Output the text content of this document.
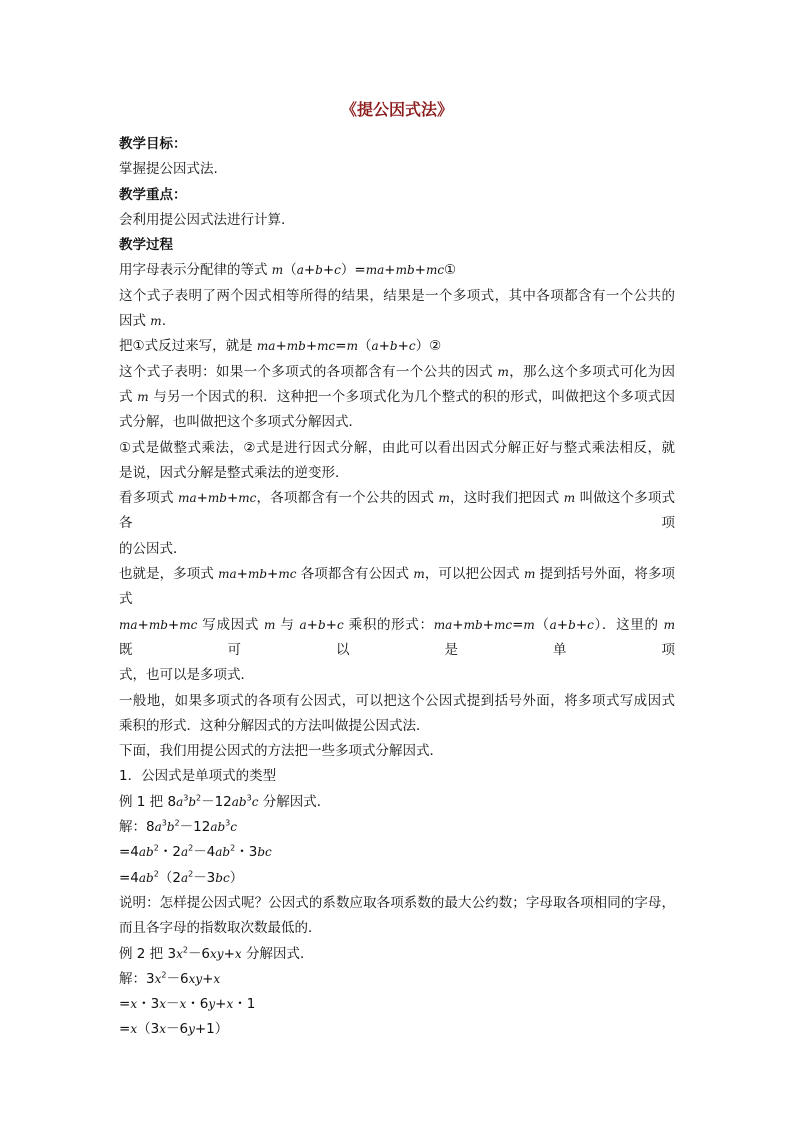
《提公因式法》
教学目标：
掌握提公因式法.
教学重点：
会利用提公因式法进行计算.
教学过程
用字母表示分配律的等式 m（a+b+c）=ma+mb+mc①
这个式子表明了两个因式相等所得的结果，结果是一个多项式，其中各项都含有一个公共的
因式 m.
把①式反过来写，就是 ma+mb+mc=m（a+b+c）②
这个式子表明：如果一个多项式的各项都含有一个公共的因式 m，那么这个多项式可化为因
式 m 与另一个因式的积．这种把一个多项式化为几个整式的积的形式，叫做把这个多项式因
式分解，也叫做把这个多项式分解因式．
①式是做整式乘法，②式是进行因式分解，由此可以看出因式分解正好与整式乘法相反，就
是说，因式分解是整式乘法的逆变形．
看多项式 ma+mb+mc，各项都含有一个公共的因式 m，这时我们把因式 m 叫做这个多项式各项
的公因式．
也就是，多项式 ma+mb+mc 各项都含有公因式 m，可以把公因式 m 提到括号外面，将多项式
ma+mb+mc 写成因式 m 与 a+b+c 乘积的形式：ma+mb+mc=m（a+b+c）．这里的 m 既可以是单项
式，也可以是多项式．
一般地，如果多项式的各项有公因式，可以把这个公因式提到括号外面，将多项式写成因式
乘积的形式．这种分解因式的方法叫做提公因式法．
下面，我们用提公因式的方法把一些多项式分解因式．
1．公因式是单项式的类型
例 1 把 $8a^3b^2-12ab^3c$ 分解因式．
解：$8a^3b^2-12ab^3c$
$=4ab^2$・$2a^2-4ab^2$・3bc
$=4ab^2(2a^2-3bc)$
说明：怎样提公因式呢？公因式的系数应取各项系数的最大公约数；字母取各项相同的字母，
而且各字母的指数取次数最低的．
例 2 把 $3x^2-6xy+x$ 分解因式．
解：$3x^2-6xy+x$
=x・3x－x・6y+x・1
=x（3x－6y+1）
